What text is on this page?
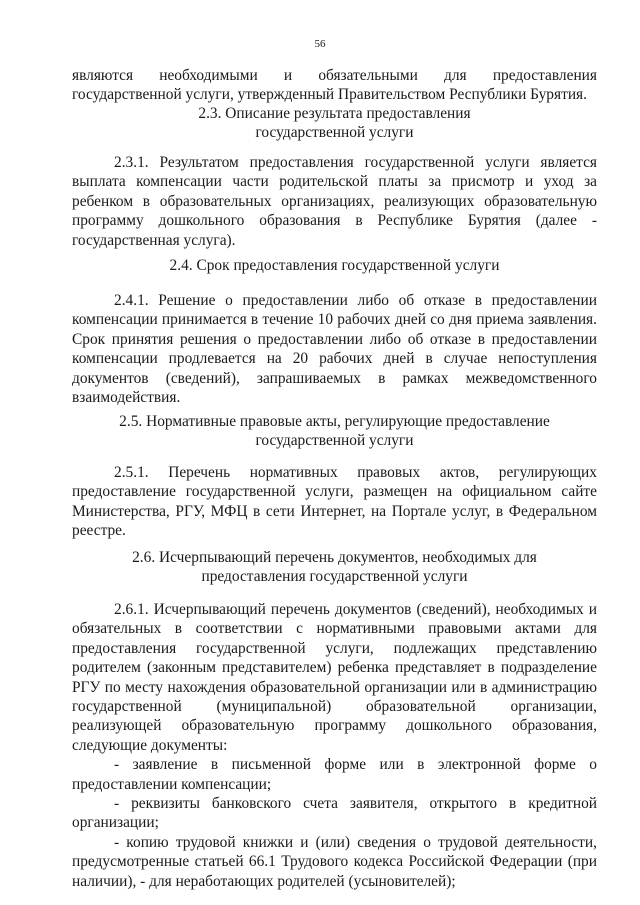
56
являются необходимыми и обязательными для предоставления
государственной услуги, утвержденный Правительством Республики Бурятия.
2.3. Описание результата предоставления
государственной услуги

2.3.1. Результатом предоставления государственной услуги является выплата компенсации части родительской платы за присмотр и уход за ребенком в образовательных организациях, реализующих образовательную программу дошкольного образования в Республике Бурятия (далее - государственная услуга).

2.4. Срок предоставления государственной услуги

2.4.1. Решение о предоставлении либо об отказе в предоставлении компенсации принимается в течение 10 рабочих дней со дня приема заявления. Срок принятия решения о предоставлении либо об отказе в предоставлении компенсации продлевается на 20 рабочих дней в случае непоступления документов (сведений), запрашиваемых в рамках межведомственного взаимодействия.

2.5. Нормативные правовые акты, регулирующие предоставление
государственной услуги

2.5.1. Перечень нормативных правовых актов, регулирующих предоставление государственной услуги, размещен на официальном сайте Министерства, РГУ, МФЦ в сети Интернет, на Портале услуг, в Федеральном реестре.

2.6. Исчерпывающий перечень документов, необходимых для
предоставления государственной услуги

2.6.1. Исчерпывающий перечень документов (сведений), необходимых и обязательных в соответствии с нормативными правовыми актами для предоставления государственной услуги, подлежащих представлению родителем (законным представителем) ребенка представляет в подразделение РГУ по месту нахождения образовательной организации или в администрацию государственной (муниципальной) образовательной организации, реализующей образовательную программу дошкольного образования, следующие документы:

- заявление в письменной форме или в электронной форме о предоставлении компенсации;

- реквизиты банковского счета заявителя, открытого в кредитной организации;

- копию трудовой книжки и (или) сведения о трудовой деятельности, предусмотренные статьей 66.1 Трудового кодекса Российской Федерации (при наличии), - для неработающих родителей (усыновителей);
